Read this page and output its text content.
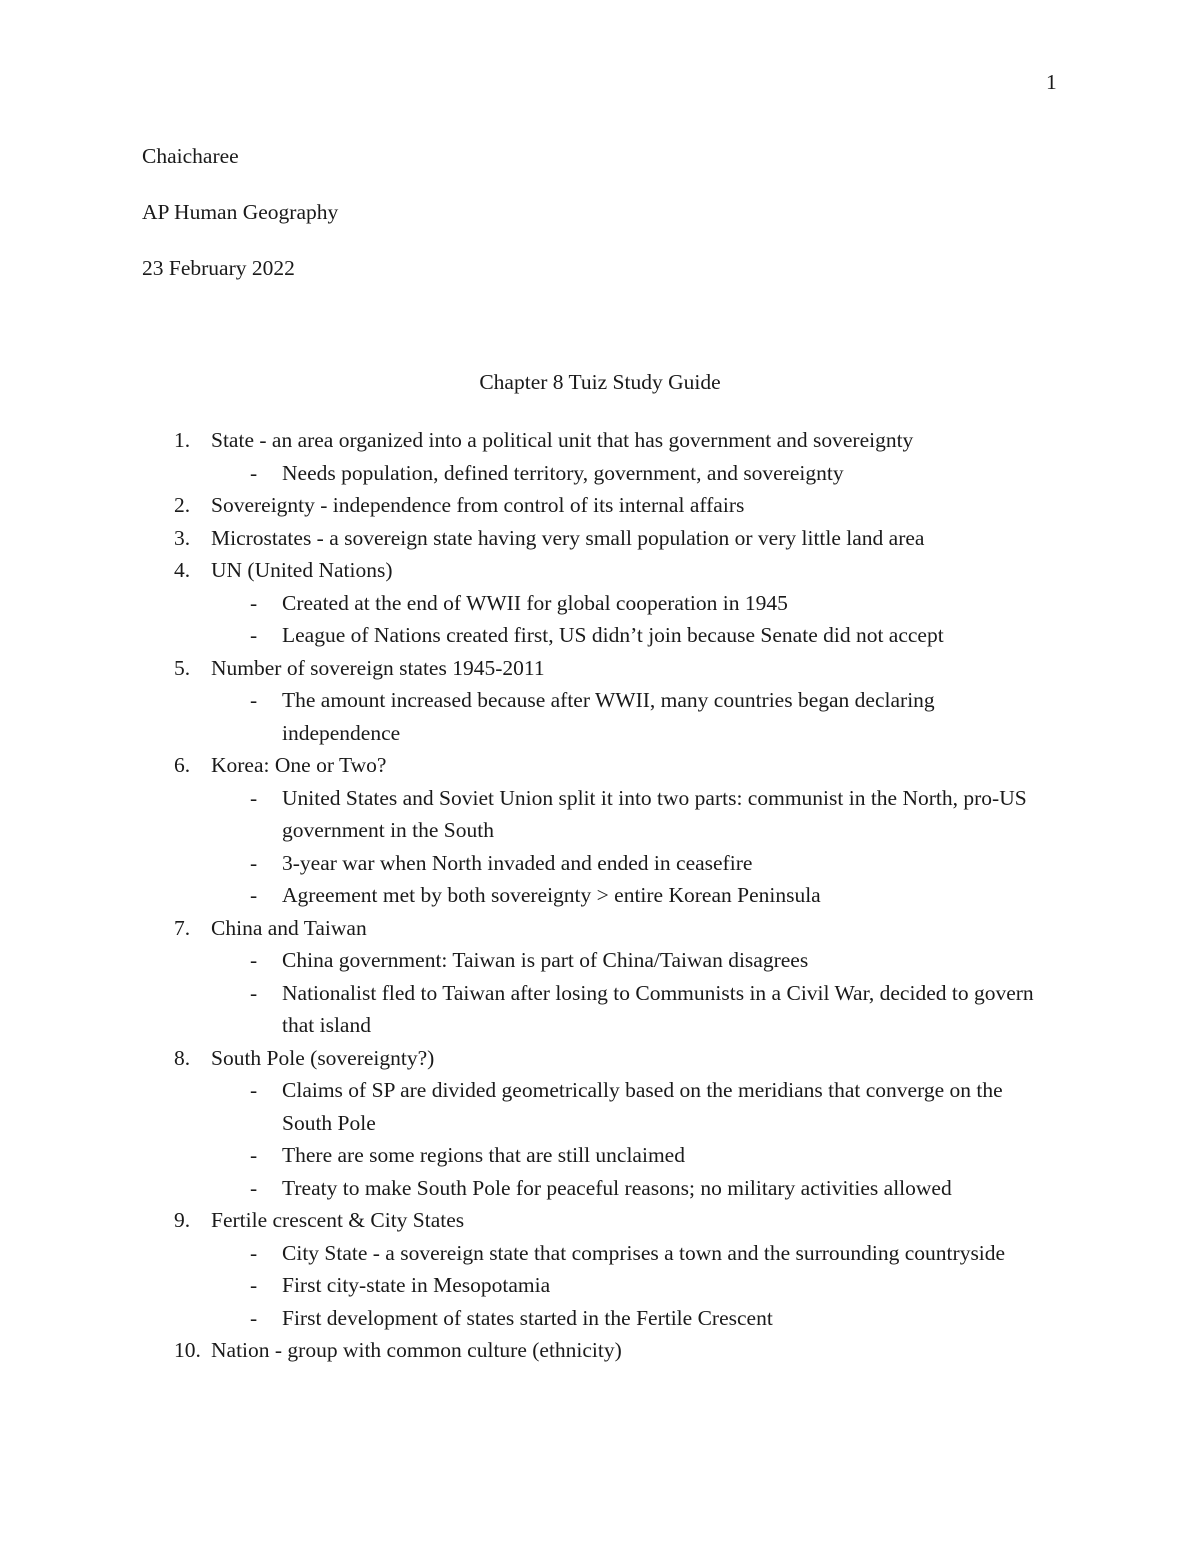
1
Chaicharee
AP Human Geography
23 February 2022
Chapter 8 Tuiz Study Guide
1. State - an area organized into a political unit that has government and sovereignty
-	Needs population, defined territory, government, and sovereignty
2. Sovereignty - independence from control of its internal affairs
3. Microstates - a sovereign state having very small population or very little land area
4. UN (United Nations)
-	Created at the end of WWII for global cooperation in 1945
-	League of Nations created first, US didn’t join because Senate did not accept
5. Number of sovereign states 1945-2011
-	The amount increased because after WWII, many countries began declaring independence
6. Korea: One or Two?
-	United States and Soviet Union split it into two parts: communist in the North, pro-US government in the South
-	3-year war when North invaded and ended in ceasefire
-	Agreement met by both sovereignty > entire Korean Peninsula
7. China and Taiwan
-	China government: Taiwan is part of China/Taiwan disagrees
-	Nationalist fled to Taiwan after losing to Communists in a Civil War, decided to govern that island
8. South Pole (sovereignty?)
-	Claims of SP are divided geometrically based on the meridians that converge on the South Pole
-	There are some regions that are still unclaimed
-	Treaty to make South Pole for peaceful reasons; no military activities allowed
9. Fertile crescent & City States
-	City State - a sovereign state that comprises a town and the surrounding countryside
-	First city-state in Mesopotamia
-	First development of states started in the Fertile Crescent
10. Nation - group with common culture (ethnicity)
